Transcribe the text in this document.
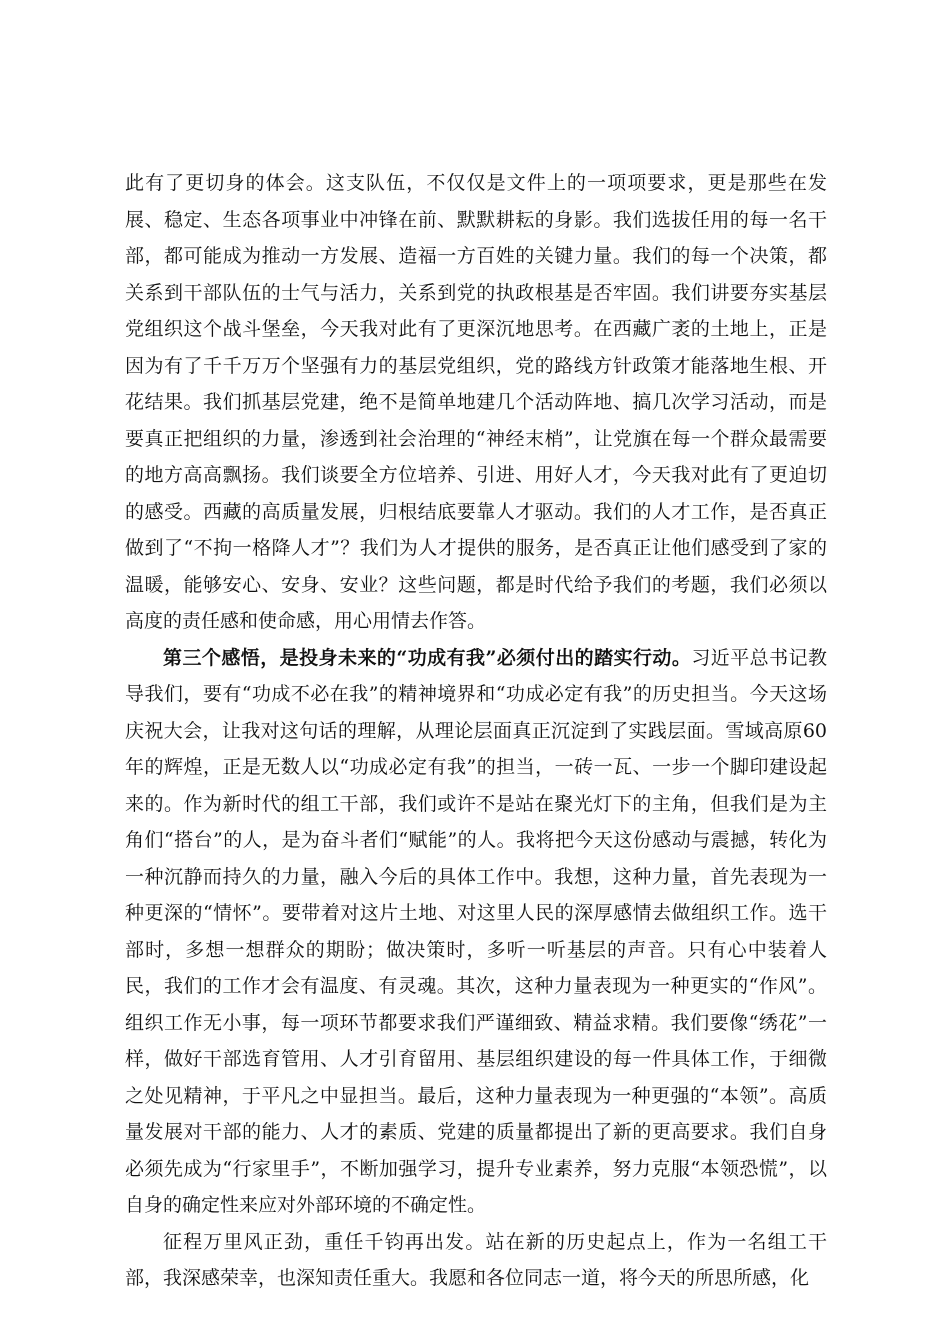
此有了更切身的体会。这支队伍，不仅仅是文件上的一项项要求，更是那些在发展、稳定、生态各项事业中冲锋在前、默默耕耘的身影。我们选拔任用的每一名干部，都可能成为推动一方发展、造福一方百姓的关键力量。我们的每一个决策，都关系到干部队伍的士气与活力，关系到党的执政根基是否牢固。我们讲要夯实基层党组织这个战斗堡垒，今天我对此有了更深沉地思考。在西藏广袤的土地上，正是因为有了千千万万个坚强有力的基层党组织，党的路线方针政策才能落地生根、开花结果。我们抓基层党建，绝不是简单地建几个活动阵地、搞几次学习活动，而是要真正把组织的力量，渗透到社会治理的“神经末梢”，让党旗在每一个群众最需要的地方高高飘扬。我们谈要全方位培养、引进、用好人才，今天我对此有了更迫切的感受。西藏的高质量发展，归根结底要靠人才驱动。我们的人才工作，是否真正做到了“不拘一格降人才”？我们为人才提供的服务，是否真正让他们感受到了家的温暖，能够安心、安身、安业？这些问题，都是时代给予我们的考题，我们必须以高度的责任感和使命感，用心用情去作答。

第三个感悟，是投身未来的“功成有我”必须付出的踏实行动。习近平总书记教导我们，要有“功成不必在我”的精神境界和“功成必定有我”的历史担当。今天这场庆祝大会，让我对这句话的理解，从理论层面真正沉淀到了实践层面。雪域高原60年的辉煌，正是无数人以“功成必定有我”的担当，一砖一瓦、一步一个脚印建设起来的。作为新时代的组工干部，我们或许不是站在聚光灯下的主角，但我们是为主角们“搭台”的人，是为奋斗者们“赋能”的人。我将把今天这份感动与震撼，转化为一种沉静而持久的力量，融入今后的具体工作中。我想，这种力量，首先表现为一种更深的“情怀”。要带着对这片土地、对这里人民的深厚感情去做组织工作。选干部时，多想一想群众的期盼；做决策时，多听一听基层的声音。只有心中装着人民，我们的工作才会有温度、有灵魂。其次，这种力量表现为一种更实的“作风”。组织工作无小事，每一项环节都要求我们严谨细致、精益求精。我们要像“绣花”一样，做好干部选育管用、人才引育留用、基层组织建设的每一件具体工作，于细微之处见精神，于平凡之中显担当。最后，这种力量表现为一种更强的“本领”。高质量发展对干部的能力、人才的素质、党建的质量都提出了新的更高要求。我们自身必须先成为“行家里手”，不断加强学习，提升专业素养，努力克服“本领恐慌”，以自身的确定性来应对外部环境的不确定性。

征程万里风正劲，重任千钧再出发。站在新的历史起点上，作为一名组工干部，我深感荣幸，也深知责任重大。我愿和各位同志一道，将今天的所思所感，化
